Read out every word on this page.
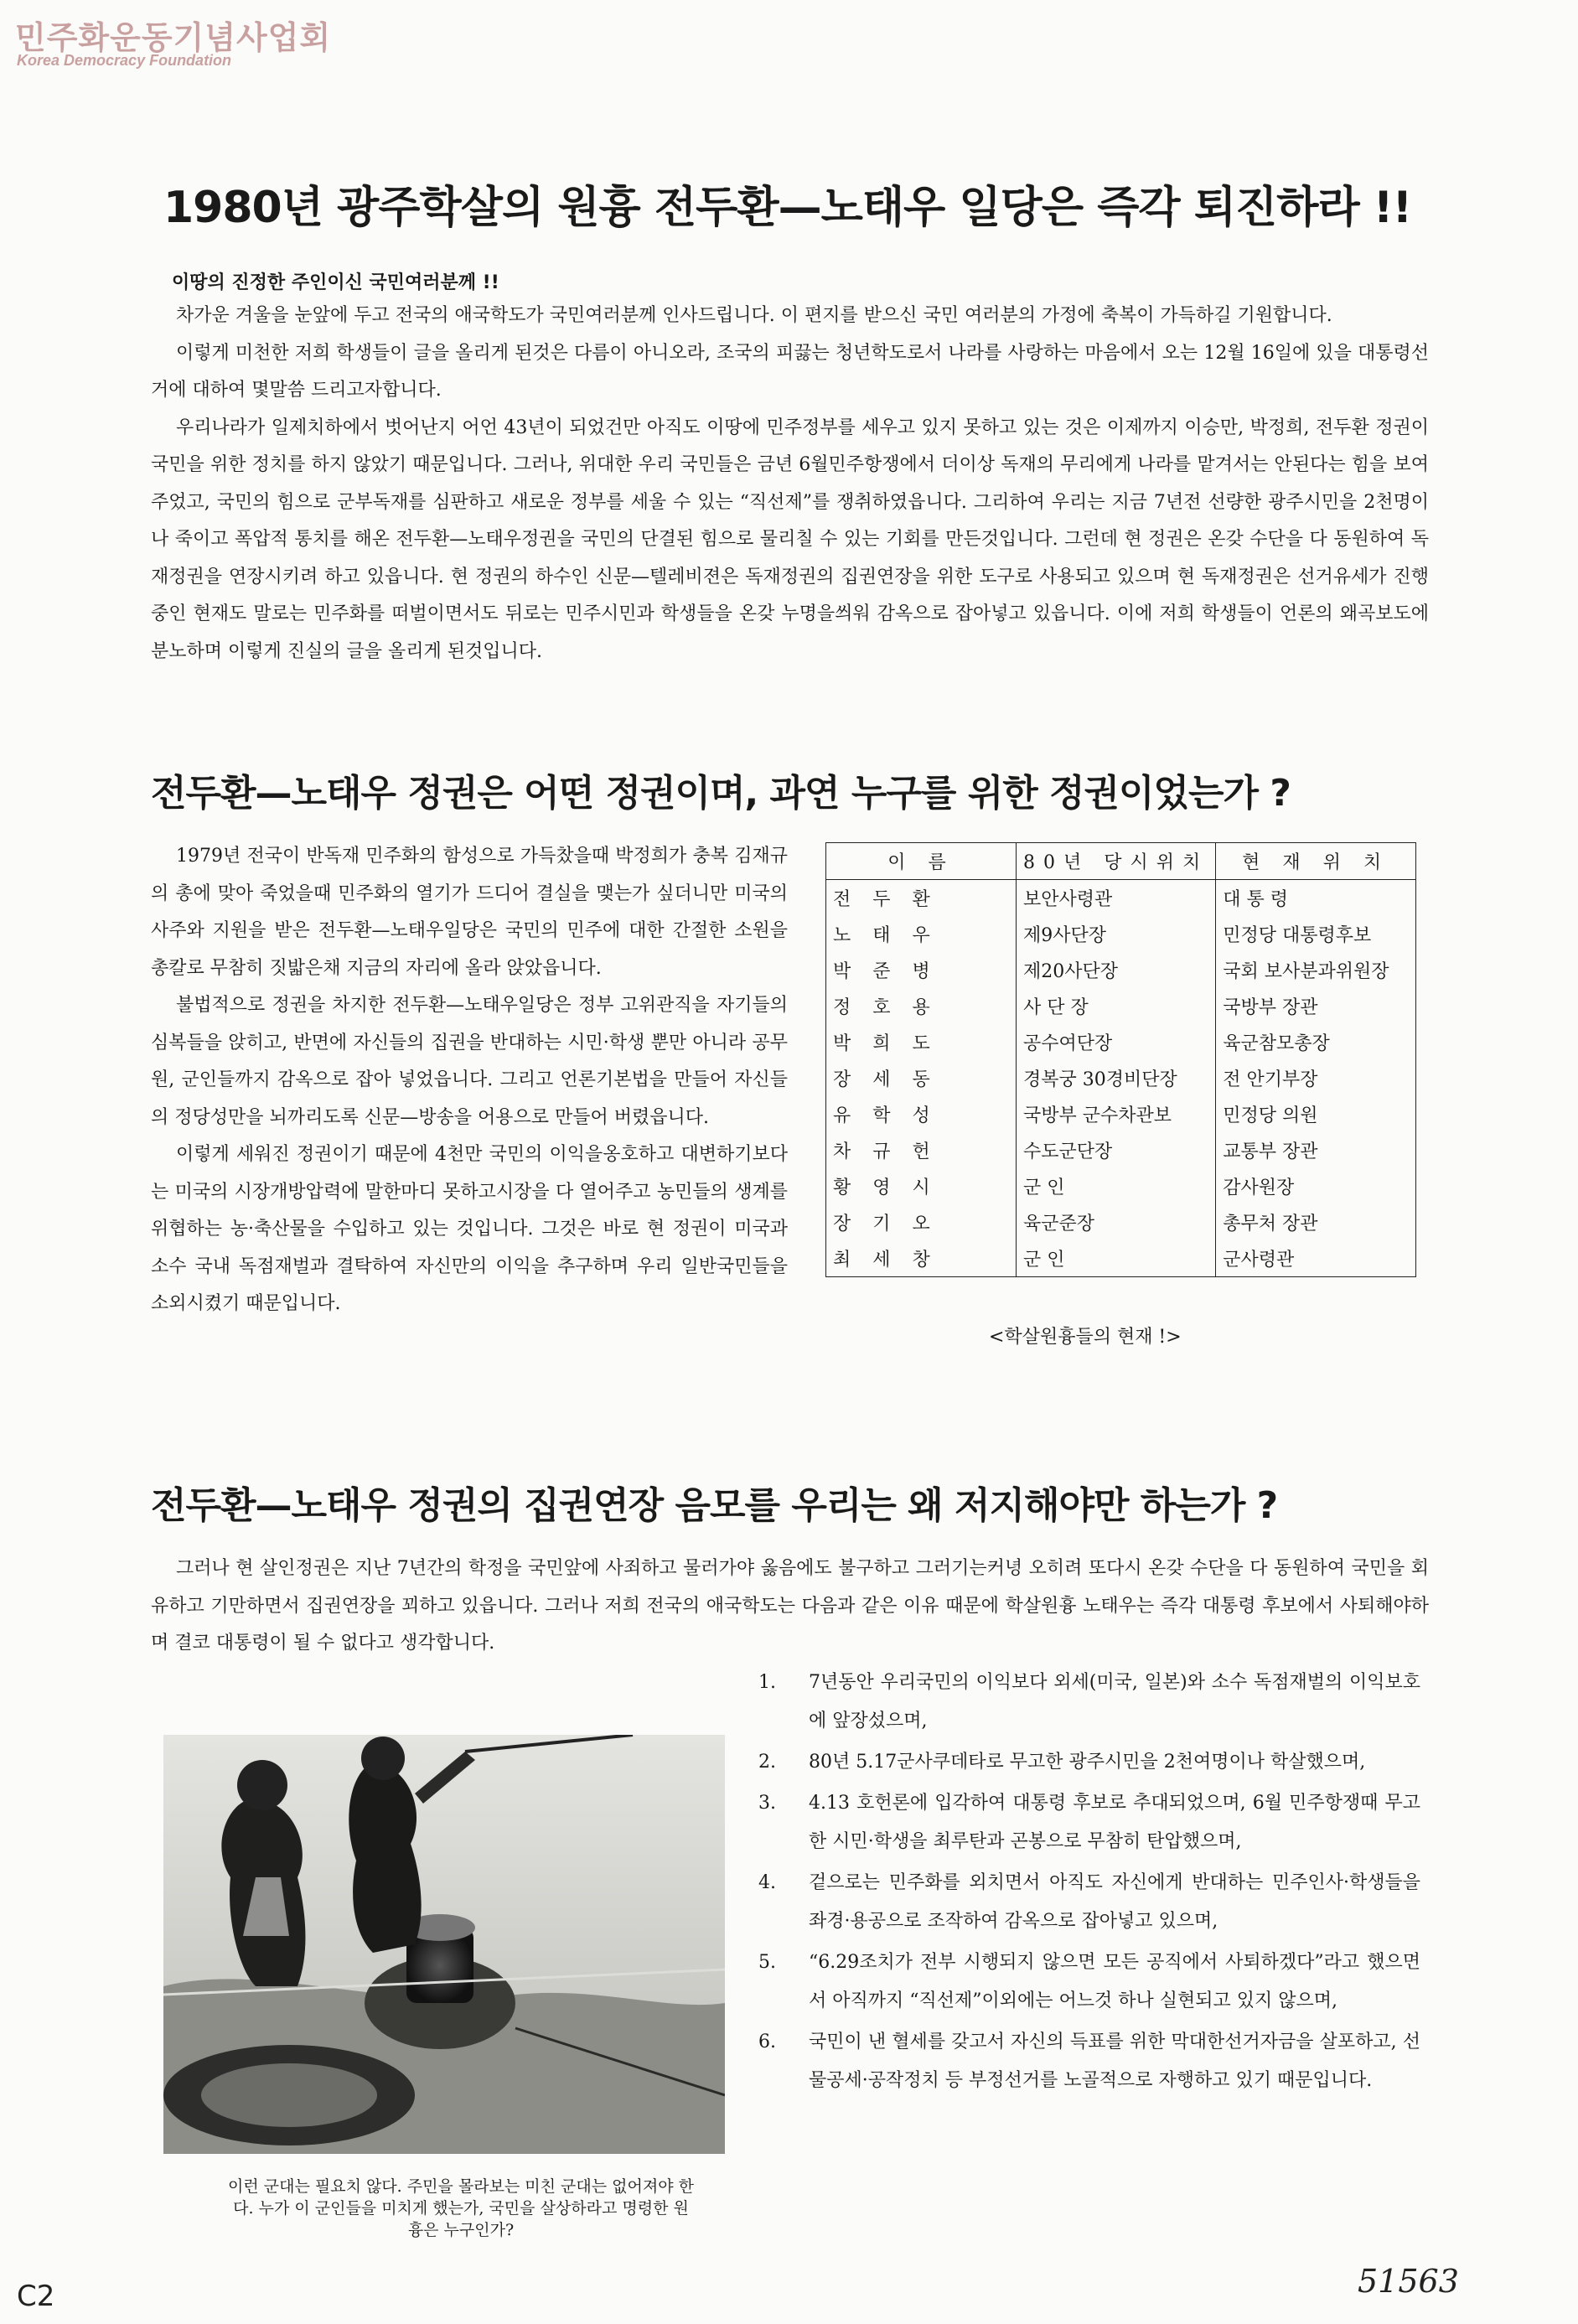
민주화운동기념사업회
Korea Democracy Foundation
1980년 광주학살의 원흉 전두환—노태우 일당은 즉각 퇴진하라 !!
이땅의 진정한 주인이신 국민여러분께 !!

차가운 겨울을 눈앞에 두고 전국의 애국학도가 국민여러분께 인사드립니다. 이 편지를 받으신 국민 여러분의 가정에 축복이 가득하길 기원합니다.

이렇게 미천한 저희 학생들이 글을 올리게 된것은 다름이 아니오라, 조국의 피끓는 청년학도로서 나라를 사랑하는 마음에서 오는 12월 16일에 있을 대통령선거에 대하여 몇말씀 드리고자합니다.

우리나라가 일제치하에서 벗어난지 어언 43년이 되었건만 아직도 이땅에 민주정부를 세우고 있지 못하고 있는 것은 이제까지 이승만, 박정희, 전두환 정권이 국민을 위한 정치를 하지 않았기 때문입니다. 그러나, 위대한 우리 국민들은 금년 6월민주항쟁에서 더이상 독재의 무리에게 나라를 맡겨서는 안된다는 힘을 보여 주었고, 국민의 힘으로 군부독재를 심판하고 새로운 정부를 세울 수 있는 “직선제”를 쟁취하였읍니다. 그리하여 우리는 지금 7년전 선량한 광주시민을 2천명이나 죽이고 폭압적 통치를 해온 전두환—노태우정권을 국민의 단결된 힘으로 물리칠 수 있는 기회를 만든것입니다. 그런데 현 정권은 온갖 수단을 다 동원하여 독재정권을 연장시키려 하고 있읍니다. 현 정권의 하수인 신문—텔레비젼은 독재정권의 집권연장을 위한 도구로 사용되고 있으며 현 독재정권은 선거유세가 진행중인 현재도 말로는 민주화를 떠벌이면서도 뒤로는 민주시민과 학생들을 온갖 누명을씌워 감옥으로 잡아넣고 있읍니다. 이에 저희 학생들이 언론의 왜곡보도에 분노하며 이렇게 진실의 글을 올리게 된것입니다.

전두환—노태우 정권은 어떤 정권이며, 과연 누구를 위한 정권이었는가 ?

1979년 전국이 반독재 민주화의 함성으로 가득찼을때 박정희가 충복 김재규의 총에 맞아 죽었을때 민주화의 열기가 드디어 결실을 맺는가 싶더니만 미국의 사주와 지원을 받은 전두환—노태우일당은 국민의 민주에 대한 간절한 소원을 총칼로 무참히 짓밟은채 지금의 자리에 올라 앉았읍니다.

불법적으로 정권을 차지한 전두환—노태우일당은 정부 고위관직을 자기들의 심복들을 앉히고, 반면에 자신들의 집권을 반대하는 시민·학생 뿐만 아니라 공무원, 군인들까지 감옥으로 잡아 넣었읍니다. 그리고 언론기본법을 만들어 자신들의 정당성만을 뇌까리도록 신문—방송을 어용으로 만들어 버렸읍니다.

이렇게 세워진 정권이기 때문에 4천만 국민의 이익을옹호하고 대변하기보다는 미국의 시장개방압력에 말한마디 못하고시장을 다 열어주고 농민들의 생계를 위협하는 농·축산물을 수입하고 있는 것입니다. 그것은 바로 현 정권이 미국과 소수 국내 독점재벌과 결탁하여 자신만의 이익을 추구하며 우리 일반국민들을 소외시켰기 때문입니다.

이 름	80년 당시위치	현 재 위 치
전두환	보안사령관	대 통 령
노태우	제9사단장	민정당 대통령후보
박준병	제20사단장	국회 보사분과위원장
정호용	사 단 장	국방부 장관
박희도	공수여단장	육군참모총장
장세동	경복궁 30경비단장	전 안기부장
유학성	국방부 군수차관보	민정당 의원
차규헌	수도군단장	교통부 장관
황영시	군 인	감사원장
장기오	육군준장	총무처 장관
최세창	군 인	군사령관
<학살원흉들의 현재 !>
전두환—노태우 정권의 집권연장 음모를 우리는 왜 저지해야만 하는가 ?

그러나 현 살인정권은 지난 7년간의 학정을 국민앞에 사죄하고 물러가야 옳음에도 불구하고 그러기는커녕 오히려 또다시 온갖 수단을 다 동원하여 국민을 회유하고 기만하면서 집권연장을 꾀하고 있읍니다. 그러나 저희 전국의 애국학도는 다음과 같은 이유 때문에 학살원흉 노태우는 즉각 대통령 후보에서 사퇴해야하며 결코 대통령이 될 수 없다고 생각합니다.

1. 7년동안 우리국민의 이익보다 외세(미국, 일본)와 소수 독점재벌의 이익보호에 앞장섰으며,
2. 80년 5.17군사쿠데타로 무고한 광주시민을 2천여명이나 학살했으며,
3. 4.13 호헌론에 입각하여 대통령 후보로 추대되었으며, 6월 민주항쟁때 무고한 시민·학생을 최루탄과 곤봉으로 무참히 탄압했으며,
4. 겉으로는 민주화를 외치면서 아직도 자신에게 반대하는 민주인사·학생들을 좌경·용공으로 조작하여 감옥으로 잡아넣고 있으며,
5. “6.29조치가 전부 시행되지 않으면 모든 공직에서 사퇴하겠다”라고 했으면서 아직까지 “직선제”이외에는 어느것 하나 실현되고 있지 않으며,
6. 국민이 낸 혈세를 갖고서 자신의 득표를 위한 막대한선거자금을 살포하고, 선물공세·공작정치 등 부정선거를 노골적으로 자행하고 있기 때문입니다.
이런 군대는 필요치 않다. 주민을 몰라보는 미친 군대는 없어져야 한다. 누가 이 군인들을 미치게 했는가, 국민을 살상하라고 명령한 원흉은 누구인가?
C2	51563
